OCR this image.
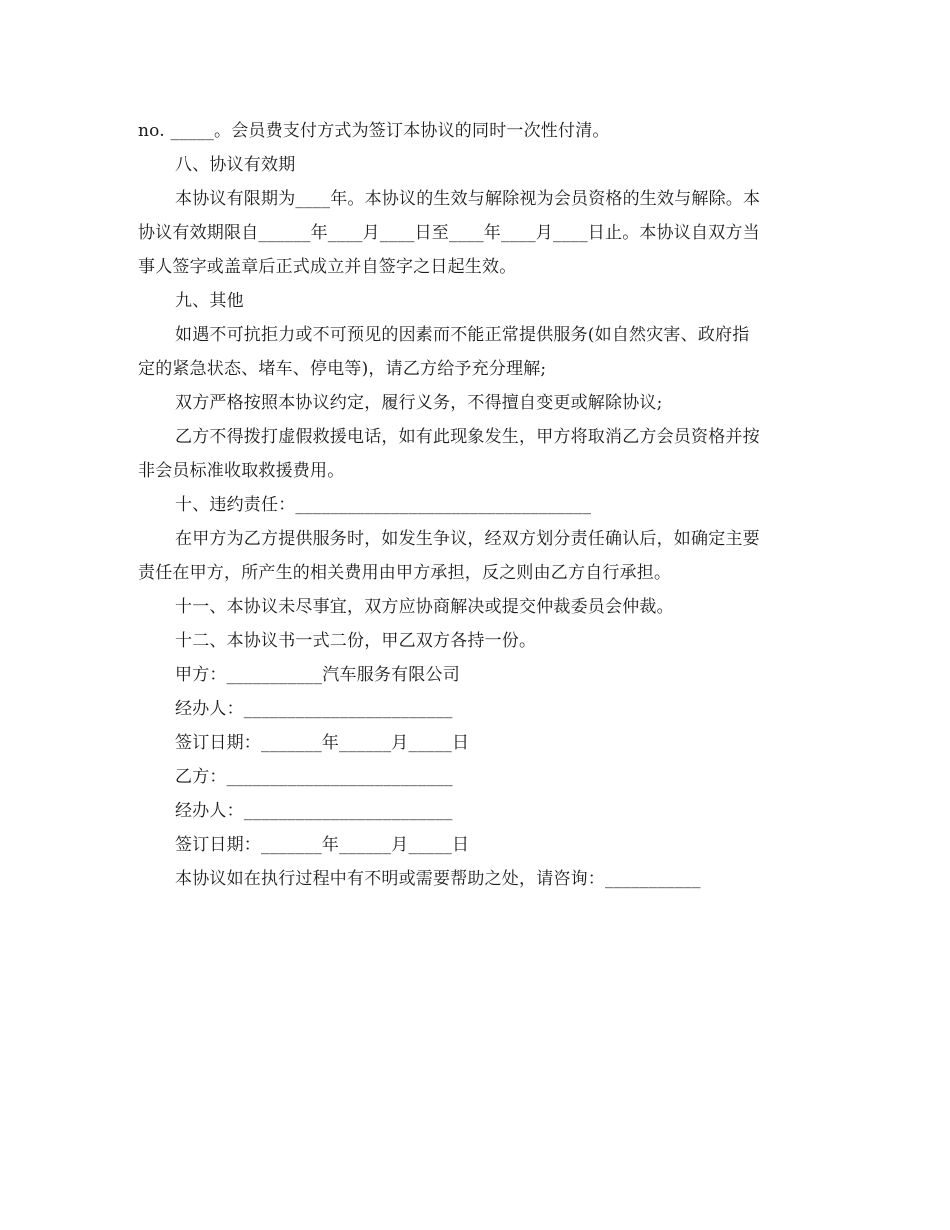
no. _____。会员费支付方式为签订本协议的同时一次性付清。
八、协议有效期
本协议有限期为____年。本协议的生效与解除视为会员资格的生效与解除。本
协议有效期限自______年____月____日至____年____月____日止。本协议自双方当
事人签字或盖章后正式成立并自签字之日起生效。
九、其他
如遇不可抗拒力或不可预见的因素而不能正常提供服务(如自然灾害、政府指
定的紧急状态、堵车、停电等)，请乙方给予充分理解;
双方严格按照本协议约定，履行义务，不得擅自变更或解除协议;
乙方不得拨打虚假救援电话，如有此现象发生，甲方将取消乙方会员资格并按
非会员标准收取救援费用。
十、违约责任：__________________________________
在甲方为乙方提供服务时，如发生争议，经双方划分责任确认后，如确定主要
责任在甲方，所产生的相关费用由甲方承担，反之则由乙方自行承担。
十一、本协议未尽事宜，双方应协商解决或提交仲裁委员会仲裁。
十二、本协议书一式二份，甲乙双方各持一份。
甲方：___________汽车服务有限公司
经办人：________________________
签订日期：_______年______月_____日
乙方：__________________________
经办人：________________________
签订日期：_______年______月_____日
本协议如在执行过程中有不明或需要帮助之处，请咨询：___________
